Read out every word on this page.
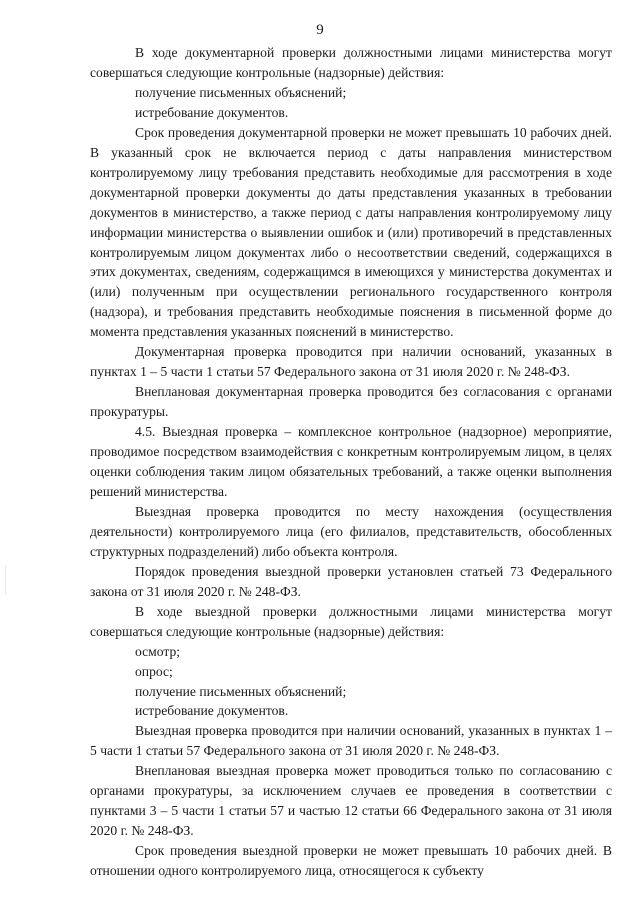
9

В ходе документарной проверки должностными лицами министерства могут совершаться следующие контрольные (надзорные) действия:

получение письменных объяснений;

истребование документов.

Срок проведения документарной проверки не может превышать 10 рабочих дней. В указанный срок не включается период с даты направления министерством контролируемому лицу требования представить необходимые для рассмотрения в ходе документарной проверки документы до даты представления указанных в требовании документов в министерство, а также период с даты направления контролируемому лицу информации министерства о выявлении ошибок и (или) противоречий в представленных контролируемым лицом документах либо о несоответствии сведений, содержащихся в этих документах, сведениям, содержащимся в имеющихся у министерства документах и (или) полученным при осуществлении регионального государственного контроля (надзора), и требования представить необходимые пояснения в письменной форме до момента представления указанных пояснений в министерство.

Документарная проверка проводится при наличии оснований, указанных в пунктах 1 – 5 части 1 статьи 57 Федерального закона от 31 июля 2020 г. № 248-ФЗ.

Внеплановая документарная проверка проводится без согласования с органами прокуратуры.

4.5. Выездная проверка – комплексное контрольное (надзорное) мероприятие, проводимое посредством взаимодействия с конкретным контролируемым лицом, в целях оценки соблюдения таким лицом обязательных требований, а также оценки выполнения решений министерства.

Выездная проверка проводится по месту нахождения (осуществления деятельности) контролируемого лица (его филиалов, представительств, обособленных структурных подразделений) либо объекта контроля.

Порядок проведения выездной проверки установлен статьей 73 Федерального закона от 31 июля 2020 г. № 248-ФЗ.

В ходе выездной проверки должностными лицами министерства могут совершаться следующие контрольные (надзорные) действия:

осмотр;

опрос;

получение письменных объяснений;

истребование документов.

Выездная проверка проводится при наличии оснований, указанных в пунктах 1 – 5 части 1 статьи 57 Федерального закона от 31 июля 2020 г. № 248-ФЗ.

Внеплановая выездная проверка может проводиться только по согласованию с органами прокуратуры, за исключением случаев ее проведения в соответствии с пунктами 3 – 5 части 1 статьи 57 и частью 12 статьи 66 Федерального закона от 31 июля 2020 г. № 248-ФЗ.

Срок проведения выездной проверки не может превышать 10 рабочих дней. В отношении одного контролируемого лица, относящегося к субъекту
